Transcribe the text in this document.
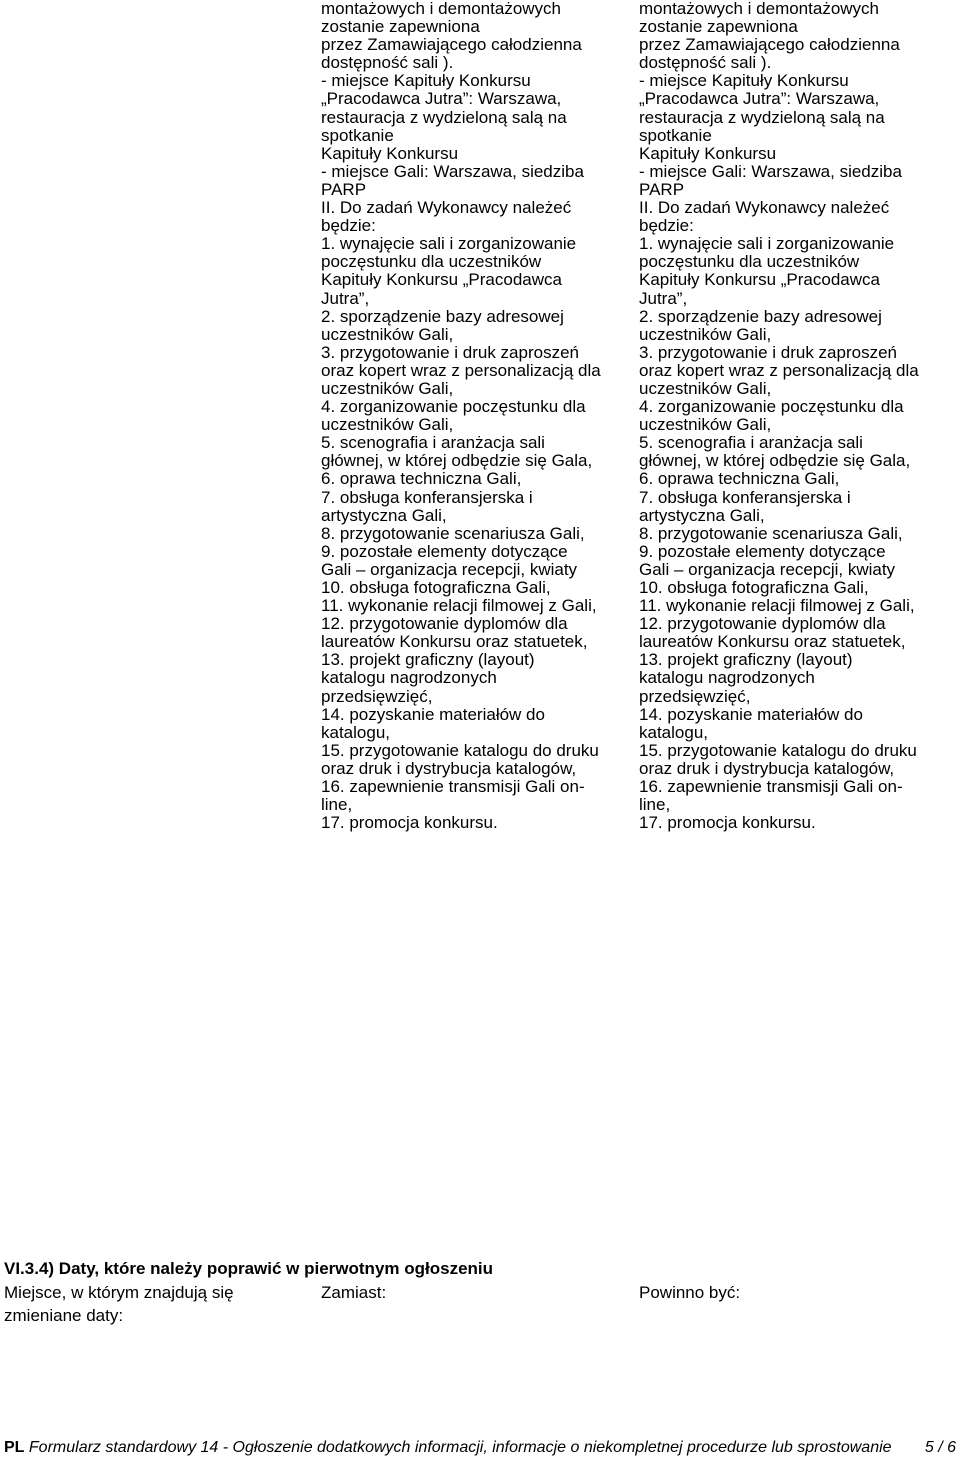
montażowych i demontażowych
zostanie zapewniona
przez Zamawiającego całodzienna
dostępność sali ).
- miejsce Kapituły Konkursu
„Pracodawca Jutra”: Warszawa,
restauracja z wydzieloną salą na
spotkanie
Kapituły Konkursu
- miejsce Gali: Warszawa, siedziba
PARP
II. Do zadań Wykonawcy należeć
będzie:
1. wynajęcie sali i zorganizowanie
poczęstunku dla uczestników
Kapituły Konkursu „Pracodawca
Jutra”,
2. sporządzenie bazy adresowej
uczestników Gali,
3. przygotowanie i druk zaproszeń
oraz kopert wraz z personalizacją dla
uczestników Gali,
4. zorganizowanie poczęstunku dla
uczestników Gali,
5. scenografia i aranżacja sali
głównej, w której odbędzie się Gala,
6. oprawa techniczna Gali,
7. obsługa konferansjerska i
artystyczna Gali,
8. przygotowanie scenariusza Gali,
9. pozostałe elementy dotyczące
Gali – organizacja recepcji, kwiaty
10. obsługa fotograficzna Gali,
11. wykonanie relacji filmowej z Gali,
12. przygotowanie dyplomów dla
laureatów Konkursu oraz statuetek,
13. projekt graficzny (layout)
katalogu nagrodzonych
przedsięwzięć,
14. pozyskanie materiałów do
katalogu,
15. przygotowanie katalogu do druku
oraz druk i dystrybucja katalogów,
16. zapewnienie transmisji Gali on-
line,
17. promocja konkursu.
montażowych i demontażowych
zostanie zapewniona
przez Zamawiającego całodzienna
dostępność sali ).
- miejsce Kapituły Konkursu
„Pracodawca Jutra”: Warszawa,
restauracja z wydzieloną salą na
spotkanie
Kapituły Konkursu
- miejsce Gali: Warszawa, siedziba
PARP
II. Do zadań Wykonawcy należeć
będzie:
1. wynajęcie sali i zorganizowanie
poczęstunku dla uczestników
Kapituły Konkursu „Pracodawca
Jutra”,
2. sporządzenie bazy adresowej
uczestników Gali,
3. przygotowanie i druk zaproszeń
oraz kopert wraz z personalizacją dla
uczestników Gali,
4. zorganizowanie poczęstunku dla
uczestników Gali,
5. scenografia i aranżacja sali
głównej, w której odbędzie się Gala,
6. oprawa techniczna Gali,
7. obsługa konferansjerska i
artystyczna Gali,
8. przygotowanie scenariusza Gali,
9. pozostałe elementy dotyczące
Gali – organizacja recepcji, kwiaty
10. obsługa fotograficzna Gali,
11. wykonanie relacji filmowej z Gali,
12. przygotowanie dyplomów dla
laureatów Konkursu oraz statuetek,
13. projekt graficzny (layout)
katalogu nagrodzonych
przedsięwzięć,
14. pozyskanie materiałów do
katalogu,
15. przygotowanie katalogu do druku
oraz druk i dystrybucja katalogów,
16. zapewnienie transmisji Gali on-
line,
17. promocja konkursu.
VI.3.4) Daty, które należy poprawić w pierwotnym ogłoszeniu
Miejsce, w którym znajdują się
zmieniane daty:
Zamiast:	Powinno być:
PL Formularz standardowy 14 - Ogłoszenie dodatkowych informacji, informacje o niekompletnej procedurze lub sprostowanie 5 / 6
